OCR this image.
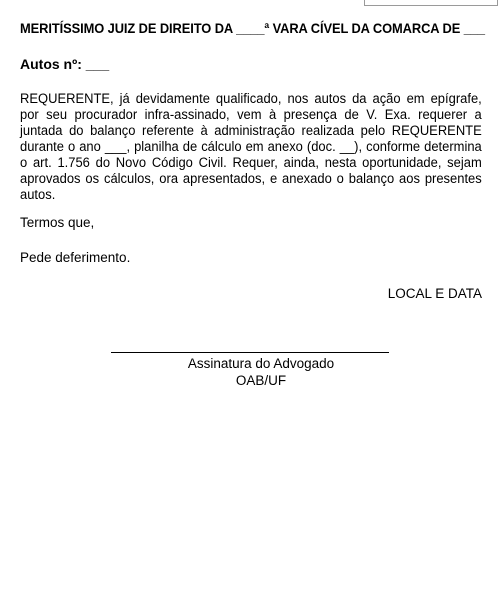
MERITÍSSIMO JUIZ DE DIREITO DA ____ª VARA CÍVEL DA COMARCA DE ___
Autos nº: ___
REQUERENTE, já devidamente qualificado, nos autos da ação em epígrafe, por seu procurador infra-assinado, vem à presença de V. Exa. requerer a juntada do balanço referente à administração realizada pelo REQUERENTE durante o ano ___, planilha de cálculo em anexo (doc. __), conforme determina o art. 1.756 do Novo Código Civil. Requer, ainda, nesta oportunidade, sejam aprovados os cálculos, ora apresentados, e anexado o balanço aos presentes autos.
Termos que,
Pede deferimento.
LOCAL E DATA
Assinatura do Advogado
OAB/UF
